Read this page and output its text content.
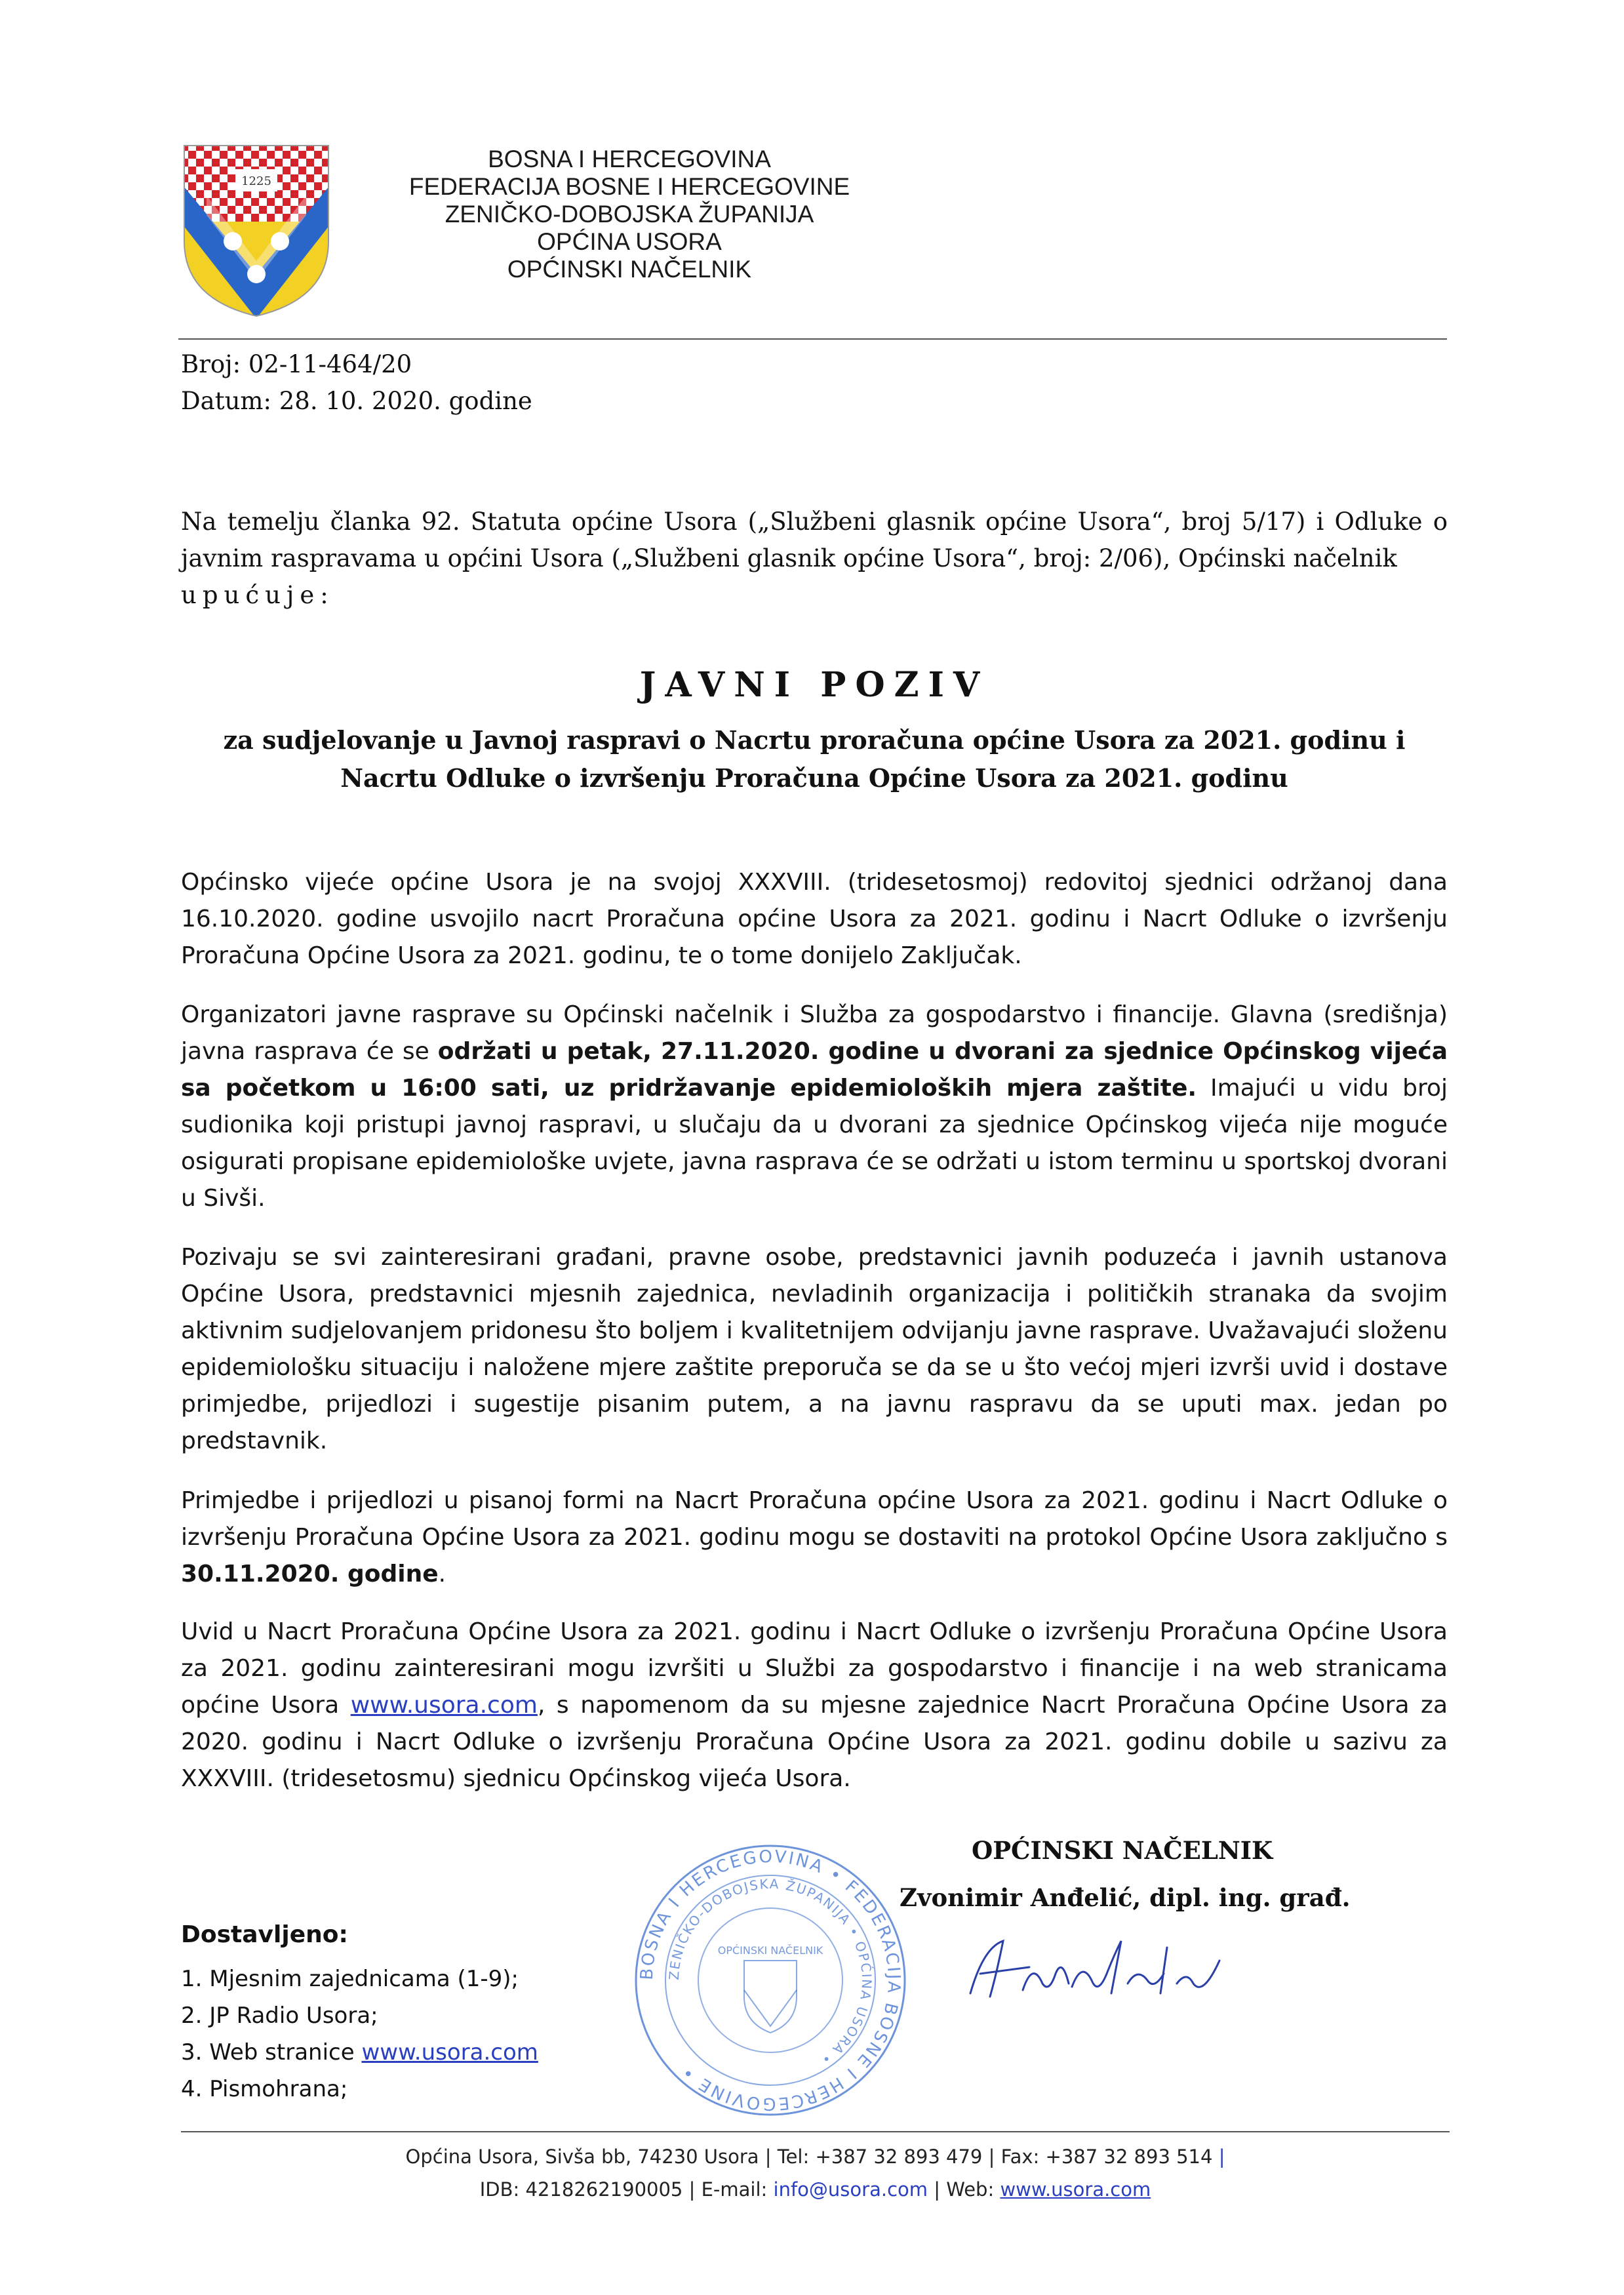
1225
BOSNA I HERCEGOVINA
FEDERACIJA BOSNE I HERCEGOVINE
ZENIČKO-DOBOJSKA ŽUPANIJA
OPĆINA USORA
OPĆINSKI NAČELNIK
Broj: 02-11-464/20
Datum: 28. 10. 2020. godine
Na temelju članka 92. Statuta općine Usora („Službeni glasnik općine Usora“, broj 5/17) i Odluke o javnim raspravama u općini Usora („Službeni glasnik općine Usora“, broj: 2/06), Općinski načelnik
upućuje:
JAVNI POZIV
za sudjelovanje u Javnoj raspravi o Nacrtu proračuna općine Usora za 2021. godinu i
Nacrtu Odluke o izvršenju Proračuna Općine Usora za 2021. godinu
Općinsko vijeće općine Usora je na svojoj XXXVIII. (tridesetosmoj) redovitoj sjednici održanoj dana 16.10.2020. godine usvojilo nacrt Proračuna općine Usora za 2021. godinu i Nacrt Odluke o izvršenju Proračuna Općine Usora za 2021. godinu, te o tome donijelo Zaključak.
Organizatori javne rasprave su Općinski načelnik i Služba za gospodarstvo i financije. Glavna (središnja) javna rasprava će se održati u petak, 27.11.2020. godine u dvorani za sjednice Općinskog vijeća sa početkom u 16:00 sati, uz pridržavanje epidemioloških mjera zaštite. Imajući u vidu broj sudionika koji pristupi javnoj raspravi, u slučaju da u dvorani za sjednice Općinskog vijeća nije moguće osigurati propisane epidemiološke uvjete, javna rasprava će se održati u istom terminu u sportskoj dvorani u Sivši.
Pozivaju se svi zainteresirani građani, pravne osobe, predstavnici javnih poduzeća i javnih ustanova Općine Usora, predstavnici mjesnih zajednica, nevladinih organizacija i političkih stranaka da svojim aktivnim sudjelovanjem pridonesu što boljem i kvalitetnijem odvijanju javne rasprave. Uvažavajući složenu epidemiološku situaciju i naložene mjere zaštite preporuča se da se u što većoj mjeri izvrši uvid i dostave primjedbe, prijedlozi i sugestije pisanim putem, a na javnu raspravu da se uputi max. jedan po predstavnik.
Primjedbe i prijedlozi u pisanoj formi na Nacrt Proračuna općine Usora za 2021. godinu i Nacrt Odluke o izvršenju Proračuna Općine Usora za 2021. godinu mogu se dostaviti na protokol Općine Usora zaključno s 30.11.2020. godine.
Uvid u Nacrt Proračuna Općine Usora za 2021. godinu i Nacrt Odluke o izvršenju Proračuna Općine Usora za 2021. godinu zainteresirani mogu izvršiti u Službi za gospodarstvo i financije i na web stranicama općine Usora www.usora.com, s napomenom da su mjesne zajednice Nacrt Proračuna Općine Usora za 2020. godinu i Nacrt Odluke o izvršenju Proračuna Općine Usora za 2021. godinu dobile u sazivu za XXXVIII. (tridesetosmu) sjednicu Općinskog vijeća Usora.
BOSNA I HERCEGOVINA • FEDERACIJA BOSNE I HERCEGOVINE •
ZENIČKO-DOBOJSKA ŽUPANIJA • OPĆINA USORA •
OPĆINSKI NAČELNIK
OPĆINSKI NAČELNIK
Zvonimir Anđelić, dipl. ing. građ.
Dostavljeno:
1. Mjesnim zajednicama (1-9);
2. JP Radio Usora;
3. Web stranice www.usora.com
4. Pismohrana;
Općina Usora, Sivša bb, 74230 Usora | Tel: +387 32 893 479 | Fax: +387 32 893 514 |
IDB: 4218262190005 | E-mail: info@usora.com | Web: www.usora.com
